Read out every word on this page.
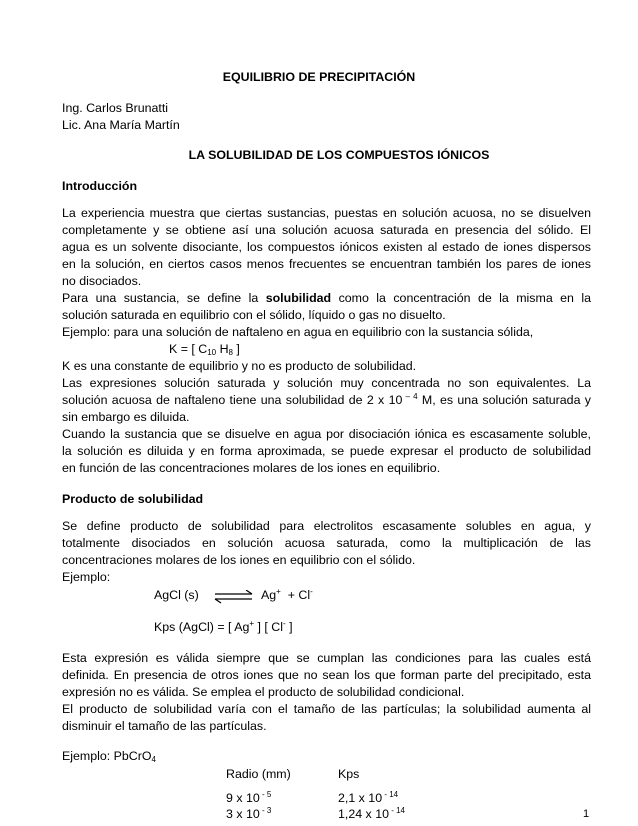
EQUILIBRIO DE PRECIPITACIÓN
Ing. Carlos Brunatti
Lic. Ana María Martín
LA SOLUBILIDAD DE LOS COMPUESTOS IÓNICOS
Introducción
La experiencia muestra que ciertas sustancias, puestas en solución acuosa, no se disuelven
completamente y se obtiene así una solución acuosa saturada en presencia del sólido. El
agua es un solvente disociante, los compuestos iónicos existen al estado de iones dispersos
en la solución, en ciertos casos menos frecuentes se encuentran también los pares de iones
no disociados.
Para una sustancia, se define la solubilidad como la concentración de la misma en la
solución saturada en equilibrio con el sólido, líquido o gas no disuelto.
Ejemplo: para una solución de naftaleno en agua en equilibrio con la sustancia sólida,
K = [ $C_{10}$ $H_8$ ]
K es una constante de equilibrio y no es producto de solubilidad.
Las expresiones solución saturada y solución muy concentrada no son equivalentes. La
solución acuosa de naftaleno tiene una solubilidad de 2 x 10 $^{- 4}$ M, es una solución saturada y
sin embargo es diluida.
Cuando la sustancia que se disuelve en agua por disociación iónica es escasamente soluble,
la solución es diluida y en forma aproximada, se puede expresar el producto de solubilidad
en función de las concentraciones molares de los iones en equilibrio.
Producto de solubilidad
Se define producto de solubilidad para electrolitos escasamente solubles en agua, y
totalmente disociados en solución acuosa saturada, como la multiplicación de las
concentraciones molares de los iones en equilibrio con el sólido.
Ejemplo:
AgCl (s) ⇌ Ag+ + Cl-
Kps (AgCl) = [ Ag+ ] [ Cl- ]
Esta expresión es válida siempre que se cumplan las condiciones para las cuales está
definida. En presencia de otros iones que no sean los que forman parte del precipitado, esta
expresión no es válida. Se emplea el producto de solubilidad condicional.
El producto de solubilidad varía con el tamaño de las partículas; la solubilidad aumenta al
disminuir el tamaño de las partículas.
Ejemplo: PbCrO$_4$
Radio (mm)	Kps
9 x 10 $^{- 5}$	2,1 x 10 $^{- 14}$
3 x 10 $^{- 3}$	1,24 x 10 $^{- 14}$	1
